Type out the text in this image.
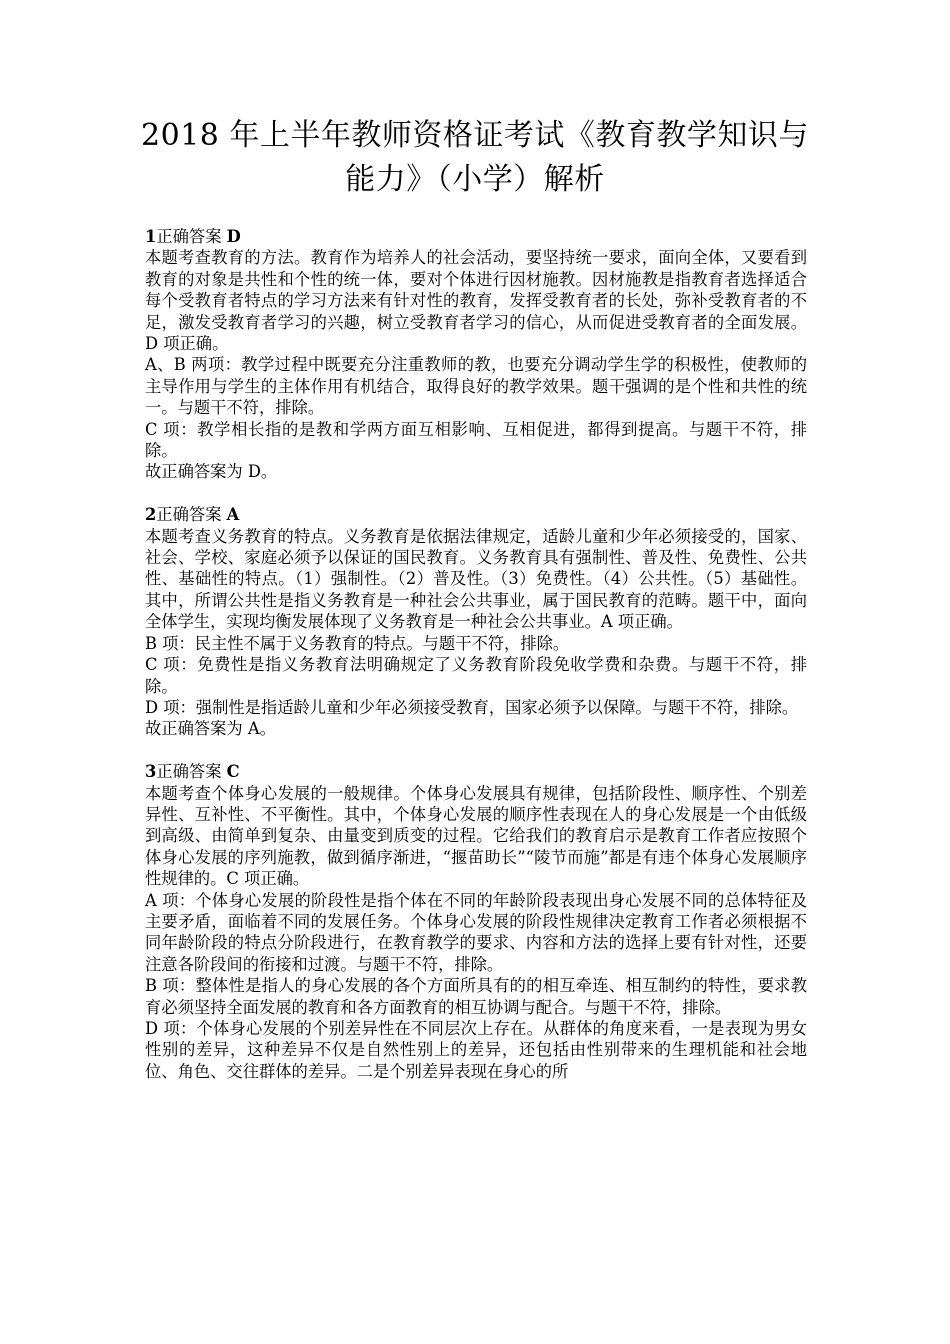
2018 年上半年教师资格证考试《教育教学知识与能力》（小学）解析

1正确答案 D

本题考查教育的方法。教育作为培养人的社会活动，要坚持统一要求，面向全体，又要看到教育的对象是共性和个性的统一体，要对个体进行因材施教。因材施教是指教育者选择适合每个受教育者特点的学习方法来有针对性的教育，发挥受教育者的长处，弥补受教育者的不足，激发受教育者学习的兴趣，树立受教育者学习的信心，从而促进受教育者的全面发展。D 项正确。

A、B 两项：教学过程中既要充分注重教师的教，也要充分调动学生学的积极性，使教师的主导作用与学生的主体作用有机结合，取得良好的教学效果。题干强调的是个性和共性的统一。与题干不符，排除。

C 项：教学相长指的是教和学两方面互相影响、互相促进，都得到提高。与题干不符，排除。

故正确答案为 D。

2正确答案 A

本题考查义务教育的特点。义务教育是依据法律规定，适龄儿童和少年必须接受的，国家、社会、学校、家庭必须予以保证的国民教育。义务教育具有强制性、普及性、免费性、公共性、基础性的特点。（1）强制性。（2）普及性。（3）免费性。（4）公共性。（5）基础性。其中，所谓公共性是指义务教育是一种社会公共事业，属于国民教育的范畴。题干中，面向全体学生，实现均衡发展体现了义务教育是一种社会公共事业。A 项正确。

B 项：民主性不属于义务教育的特点。与题干不符，排除。

C 项：免费性是指义务教育法明确规定了义务教育阶段免收学费和杂费。与题干不符，排除。

D 项：强制性是指适龄儿童和少年必须接受教育，国家必须予以保障。与题干不符，排除。

故正确答案为 A。

3正确答案 C

本题考查个体身心发展的一般规律。个体身心发展具有规律，包括阶段性、顺序性、个别差异性、互补性、不平衡性。其中，个体身心发展的顺序性表现在人的身心发展是一个由低级到高级、由简单到复杂、由量变到质变的过程。它给我们的教育启示是教育工作者应按照个体身心发展的序列施教，做到循序渐进，“揠苗助长”“陵节而施”都是有违个体身心发展顺序性规律的。C 项正确。

A 项：个体身心发展的阶段性是指个体在不同的年龄阶段表现出身心发展不同的总体特征及主要矛盾，面临着不同的发展任务。个体身心发展的阶段性规律决定教育工作者必须根据不同年龄阶段的特点分阶段进行，在教育教学的要求、内容和方法的选择上要有针对性，还要注意各阶段间的衔接和过渡。与题干不符，排除。

B 项：整体性是指人的身心发展的各个方面所具有的的相互牵连、相互制约的特性，要求教育必须坚持全面发展的教育和各方面教育的相互协调与配合。与题干不符，排除。

D 项：个体身心发展的个别差异性在不同层次上存在。从群体的角度来看，一是表现为男女性别的差异，这种差异不仅是自然性别上的差异，还包括由性别带来的生理机能和社会地位、角色、交往群体的差异。二是个别差异表现在身心的所
